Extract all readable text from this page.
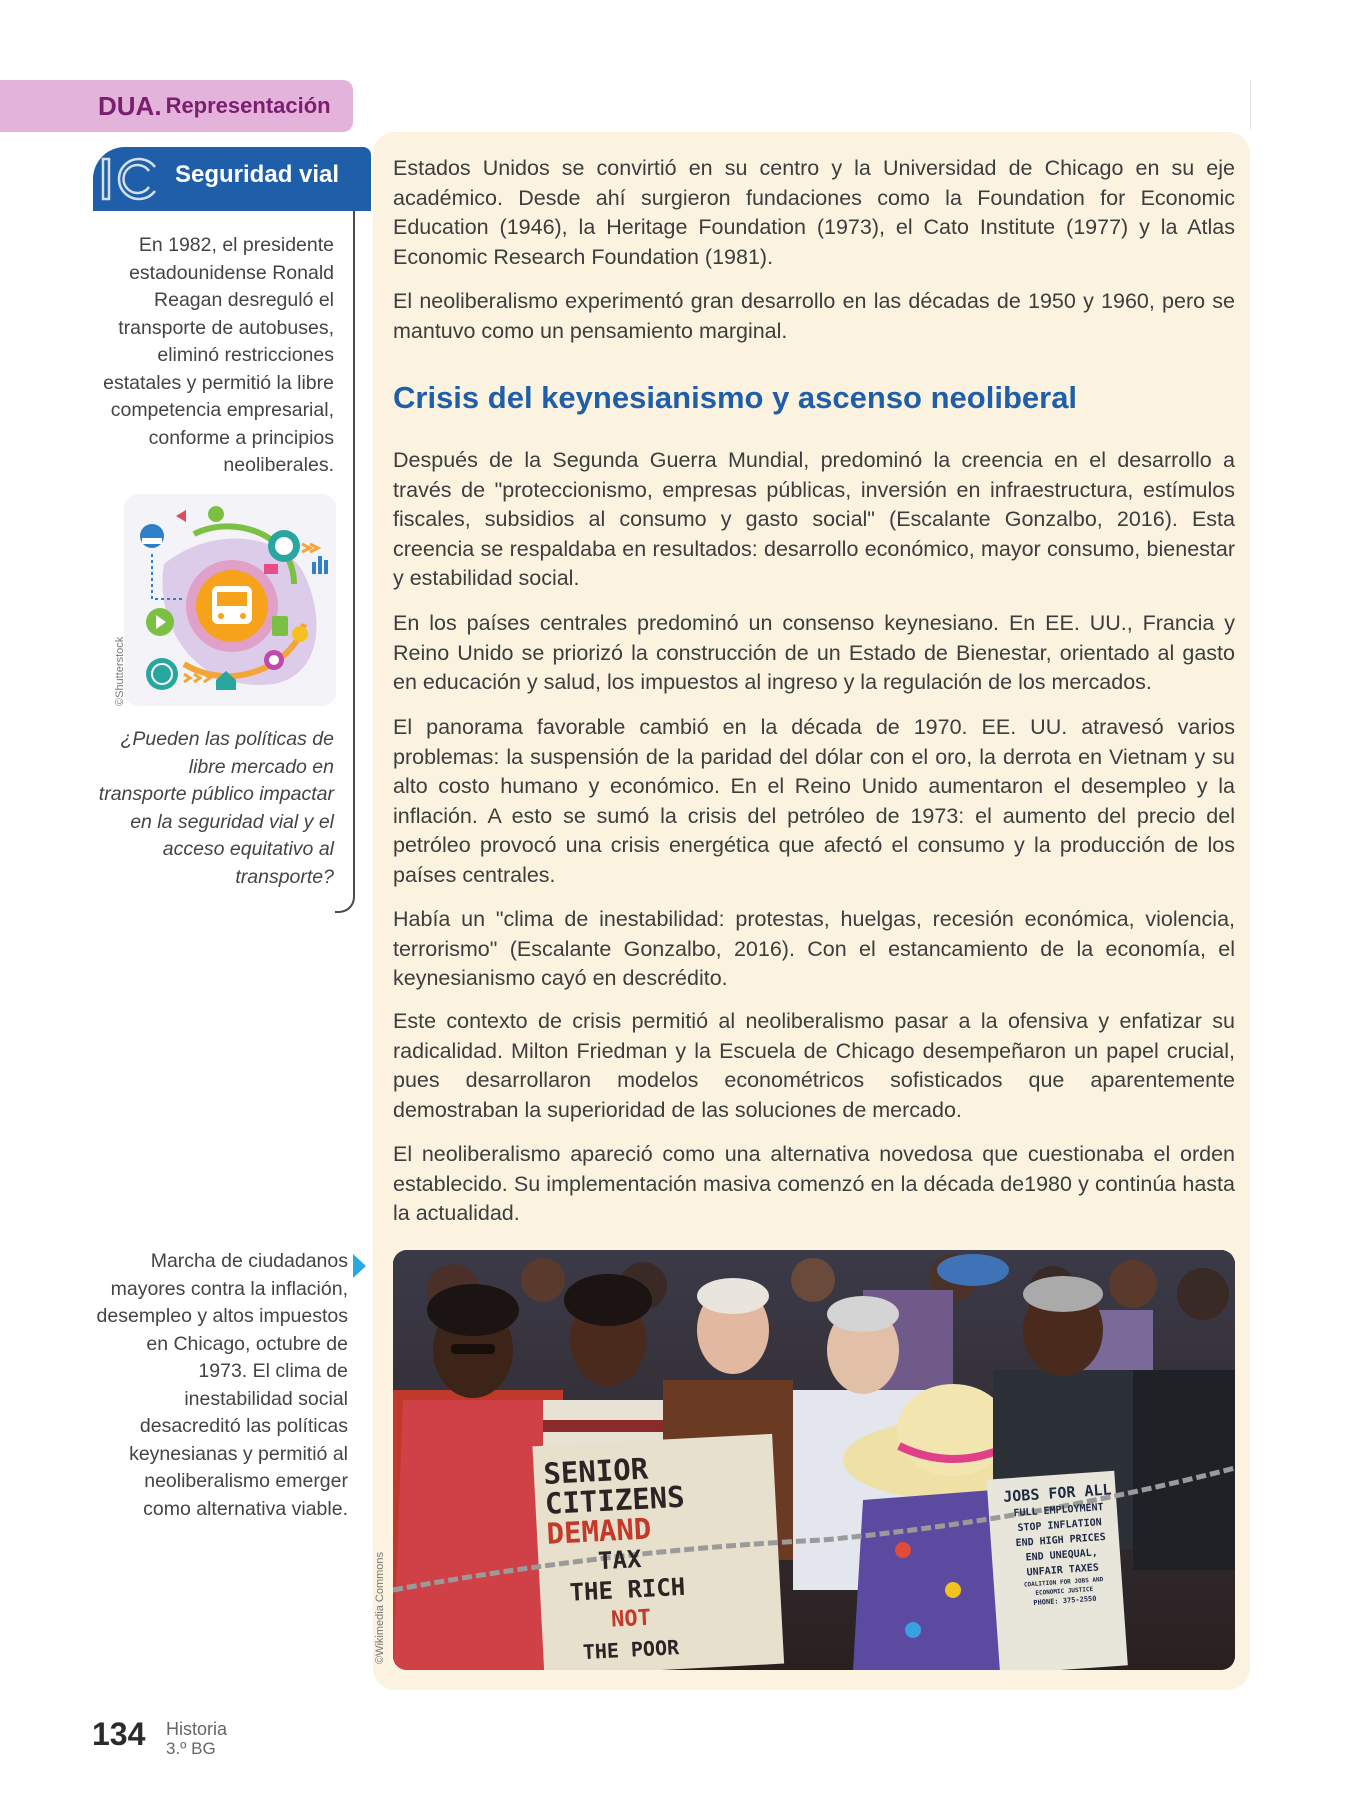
DUA. Representación
Seguridad vial
En 1982, el presidente estadounidense Ronald Reagan desreguló el transporte de autobuses, eliminó restricciones estatales y permitió la libre competencia empresarial, conforme a principios neoliberales.
©Shutterstock
¿Pueden las políticas de libre mercado en transporte público impactar en la seguridad vial y el acceso equitativo al transporte?

Estados Unidos se convirtió en su centro y la Universidad de Chicago en su eje académico. Desde ahí surgieron fundaciones como la Foundation for Economic Education (1946), la Heritage Foundation (1973), el Cato Institute (1977) y la Atlas Economic Research Foundation (1981).

El neoliberalismo experimentó gran desarrollo en las décadas de 1950 y 1960, pero se mantuvo como un pensamiento marginal.

Crisis del keynesianismo y ascenso neoliberal

Después de la Segunda Guerra Mundial, predominó la creencia en el desarrollo a través de "proteccionismo, empresas públicas, inversión en infraestructura, estímulos fiscales, subsidios al consumo y gasto social" (Escalante Gonzalbo, 2016). Esta creencia se respaldaba en resultados: desarrollo económico, mayor consumo, bienestar y estabilidad social.

En los países centrales predominó un consenso keynesiano. En EE. UU., Francia y Reino Unido se priorizó la construcción de un Estado de Bienestar, orientado al gasto en educación y salud, los impuestos al ingreso y la regulación de los mercados.

El panorama favorable cambió en la década de 1970. EE. UU. atravesó varios problemas: la suspensión de la paridad del dólar con el oro, la derrota en Vietnam y su alto costo humano y económico. En el Reino Unido aumentaron el desempleo y la inflación. A esto se sumó la crisis del petróleo de 1973: el aumento del precio del petróleo provocó una crisis energética que afectó el consumo y la producción de los países centrales.

Había un "clima de inestabilidad: protestas, huelgas, recesión económica, violencia, terrorismo" (Escalante Gonzalbo, 2016). Con el estancamiento de la economía, el keynesianismo cayó en descrédito.

Este contexto de crisis permitió al neoliberalismo pasar a la ofensiva y enfatizar su radicalidad. Milton Friedman y la Escuela de Chicago desempeñaron un papel crucial, pues desarrollaron modelos econométricos sofisticados que aparentemente demostraban la superioridad de las soluciones de mercado.

El neoliberalismo apareció como una alternativa novedosa que cuestionaba el orden establecido. Su implementación masiva comenzó en la década de1980 y continúa hasta la actualidad.

Marcha de ciudadanos mayores contra la inflación, desempleo y altos impuestos en Chicago, octubre de 1973. El clima de inestabilidad social desacreditó las políticas keynesianas y permitió al neoliberalismo emerger como alternativa viable.
©Wikimedia Commons
SENIOR
CITIZENS
DEMAND
TAX
THE RICH
NOT
THE POOR
JOBS FOR ALL
FULL EMPLOYMENT
STOP INFLATION
END HIGH PRICES
END UNEQUAL,
UNFAIR TAXES
COALITION FOR JOBS AND
ECONOMIC JUSTICE
PHONE: 375-2550
134 Historia
3.º BG
